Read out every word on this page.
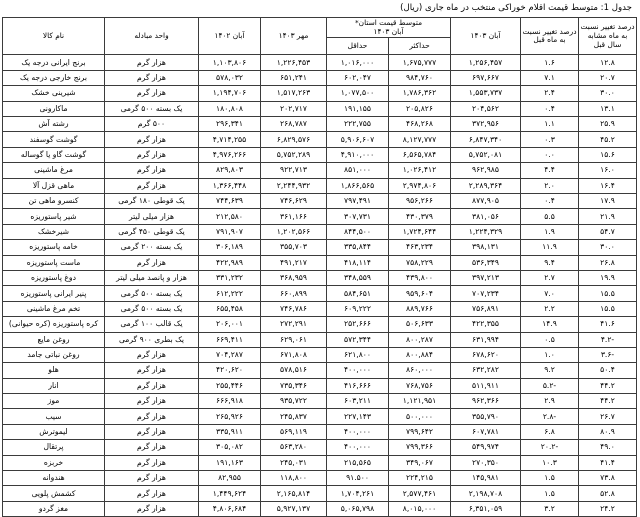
جدول 1: متوسط قیمت اقلام خوراکی منتخب در ماه جاری (ریال)
درصد تغییر نسبت به ماه مشابه سال قبل	درصد تغییر نسبت به ماه قبل	آبان ۱۴۰۳	متوسط قیمت استان*
آبان ۱۴۰۳		مهر ۱۴۰۳	آبان ۱۴۰۲	واحد مبادله	نام کالا
			حداکثر	حداقل				
۱۲.۸	۱.۶	۱,۲۵۶,۴۵۷	۱,۶۷۵,۷۷۷	۱,۰۱۶,۰۰۰	۱,۲۲۶,۴۵۳	۱,۱۰۳,۸۰۶	هزار گرم	برنج ایرانی درجه یک
۲۰.۷	۷.۱	۶۹۷,۶۶۷	۹۸۴,۷۶۰	۶۰۲,۰۴۷	۶۵۱,۲۴۱	۵۷۸,۰۳۲	هزار گرم	برنج خارجی درجه یک
۳۰.۰	۲.۴	۱,۵۵۳,۷۳۷	۱,۷۸۶,۳۶۲	۱,۰۷۷,۵۰۰	۱,۵۱۷,۲۶۳	۱,۱۹۴,۷۰۶	هزار گرم	شیرینی خشک
۱۳.۱	۰.۴	۲۰۴,۵۶۲	۲۰۵,۸۲۶	۱۹۱,۱۵۵	۲۰۲,۷۱۷	۱۸۰,۸۰۸	یک بسته ۵۰۰ گرمی	ماکارونی
۲۵.۹	۱.۱	۳۷۲,۹۵۶	۴۶۸,۲۶۸	۲۲۲,۷۵۵	۲۶۸,۷۸۷	۲۹۶,۳۴۱	۵۰۰ گرم	رشته آش
۴۵.۲	۰.۳	۶,۸۴۷,۳۴۰	۸,۱۲۷,۷۷۷	۵,۹۰۶,۶۰۷	۶,۸۲۹,۵۷۶	۴,۷۱۴,۲۵۵	هزار گرم	گوشت گوسفند
۱۵.۶	۰.۰	۵,۷۵۲,۰۸۱	۶,۵۶۵,۷۸۴	۴,۹۱۰,۰۰۰	۵,۷۵۲,۲۸۹	۴,۹۷۶,۲۶۶	هزار گرم	گوشت گاو یا گوساله
۱۶.۰	۴.۴	۹۶۲,۹۸۵	۱,۰۲۶,۴۱۲	۸۵۱,۰۰۰	۹۲۲,۷۱۳	۸۲۹,۸۰۳	هزار گرم	مرغ ماشینی
۱۶.۴	۲.۰	۲,۲۸۹,۳۶۴	۲,۹۷۴,۸۰۶	۱,۸۶۶,۵۶۵	۲,۲۴۴,۹۳۲	۱,۳۶۶,۴۴۸	هزار گرم	ماهی قزل آلا
۱۷.۹	۰.۴	۸۷۷,۹۰۵	۹۵۶,۲۶۶	۷۹۷,۴۹۱	۷۴۶,۶۲۹	۷۴۴,۶۳۹	یک قوطی ۱۸۰ گرمی	کنسرو ماهی تن
۲۱.۹	۵.۵	۳۸۱,۰۵۶	۴۳۰,۳۷۹	۳۰۷,۷۳۱	۳۶۱,۱۶۶	۲۱۲,۵۸۰	هزار میلی لیتر	شیر پاستوریزه
۵۴.۷	۱.۹	۱,۲۲۴,۳۲۹	۱,۷۲۴,۶۴۴	۸۴۴,۵۰۰	۱,۲۰۲,۵۶۶	۷۹۱,۹۰۷	یک قوطی ۴۵۰ گرمی	شیرخشک
۳۰.۰	۱۱.۹	۳۹۸,۱۳۱	۴۶۳,۲۳۴	۳۳۵,۸۴۴	۳۵۵,۷۰۳	۳۰۶,۱۸۹	یک بسته ۲۰۰ گرمی	خامه پاستوریزه
۲۶.۸	۹.۴	۵۳۶,۳۴۹	۷۵۸,۲۲۹	۴۱۸,۱۱۴	۴۹۱,۲۱۷	۴۲۲,۹۸۹	هزار گرم	ماست پاستوریزه
۱۹.۹	۲.۷	۳۹۷,۲۱۳	۴۳۹,۸۰۰	۳۴۸,۵۵۹	۳۶۸,۹۵۹	۳۳۱,۲۳۲	هزار و پانصد میلی لیتر	دوغ پاستوریزه
۱۵.۵	۷.۰	۷۰۷,۲۳۴	۹۵۹,۶۰۴	۵۸۴,۶۵۱	۶۶۰,۸۹۹	۶۱۲,۲۲۲	یک بسته ۵۰۰ گرمی	پنیر ایرانی پاستوریزه
۱۵.۵	۲.۲	۷۵۶,۸۹۱	۸۸۹,۷۶۶	۶۰۹,۲۲۲	۷۴۶,۷۸۶	۶۵۵,۴۵۸	یک بسته ۵۰۰ گرمی	تخم مرغ ماشینی
۴۱.۶	۱۴.۹	۴۲۲,۳۵۵	۵۰۶,۶۳۳	۲۵۲,۶۶۶	۲۷۲,۲۹۱	۲۰۶,۰۰۱	یک قالب ۱۰۰ گرمی	کره پاستوریزه (کره حیوانی)
-۴.۲	۰.۵	۶۳۱,۹۹۴	۸۰۰,۲۸۷	۵۷۲,۳۴۴	۶۲۹,۰۶۱	۶۶۹,۴۱۱	یک بطری ۹۰۰ گرمی	روغن مایع
-۳.۶	۱.۰	۶۷۸,۶۲۰	۸۰۰,۸۸۴	۶۲۱,۸۰۰	۶۷۱,۸۰۸	۷۰۴,۲۸۷	هزار گرم	روغن نباتی جامد
۵۰.۴	۹.۲	۶۳۲,۲۸۲	۸۶۰,۰۰۰	۴۰۰,۰۰۰	۵۷۸,۵۱۶	۴۲۰,۶۲۰	هزار گرم	هلو
۴۴.۲	-۵.۲	۵۱۱,۹۱۱	۷۶۸,۷۵۶	۴۱۶,۶۶۶	۷۳۵,۳۴۶	۲۵۵,۴۴۶	هزار گرم	انار
۴۴.۲	۲.۹	۹۶۲,۳۶۶	۱,۱۲۱,۹۵۱	۶۰۳,۲۱۱	۹۳۵,۷۲۲	۶۶۶,۹۱۸	هزار گرم	موز
۲۶.۷	-۲.۸	۳۵۵,۷۹۰	۵۰۰,۰۰۰	۲۲۷,۱۴۳	۲۴۵,۸۳۷	۲۶۵,۹۲۶	هزار گرم	سیب
۸۰.۹	۶.۸	۶۰۷,۷۸۱	۷۹۹,۶۴۲	۴۰۰,۰۰۰	۵۶۹,۱۱۹	۳۳۵,۹۱۱	هزار گرم	لیموترش
۴۹.۰	-۲۰.۲	۵۴۹,۹۷۴	۷۹۹,۳۶۶	۴۰۰,۰۰۰	۵۶۳,۲۸۰	۳۰۵,۰۸۲	هزار گرم	پرتقال
۴۱.۴	۱۰.۳	۲۷۰,۳۵۰	۳۴۹,۰۶۷	۲۱۵,۵۶۵	۲۴۵,۰۳۱	۱۹۱,۱۶۳	هزار گرم	خربزه
۷۳.۸	۱.۵	۱۴۵,۹۸۱	۲۲۴,۲۱۵	۹۱.۵۰۰	۱۱۸,۸۰۰	۸۲,۹۵۵	هزار گرم	هندوانه
۵۲.۸	۱.۵	۲,۱۹۸,۷۰۸	۲,۵۷۷,۴۶۱	۱,۷۰۴,۲۶۱	۲,۱۶۵,۸۱۴	۱,۴۴۹,۶۲۴	هزار گرم	کشمش پلویی
۲۴.۲	۳.۲	۶,۳۵۱,۰۵۹	۸,۰۱۵,۰۰۰	۵,۰۶۵,۷۹۸	۵,۹۲۷,۱۳۷	۴,۸۰۶,۶۸۴	هزار گرم	مغز گردو
